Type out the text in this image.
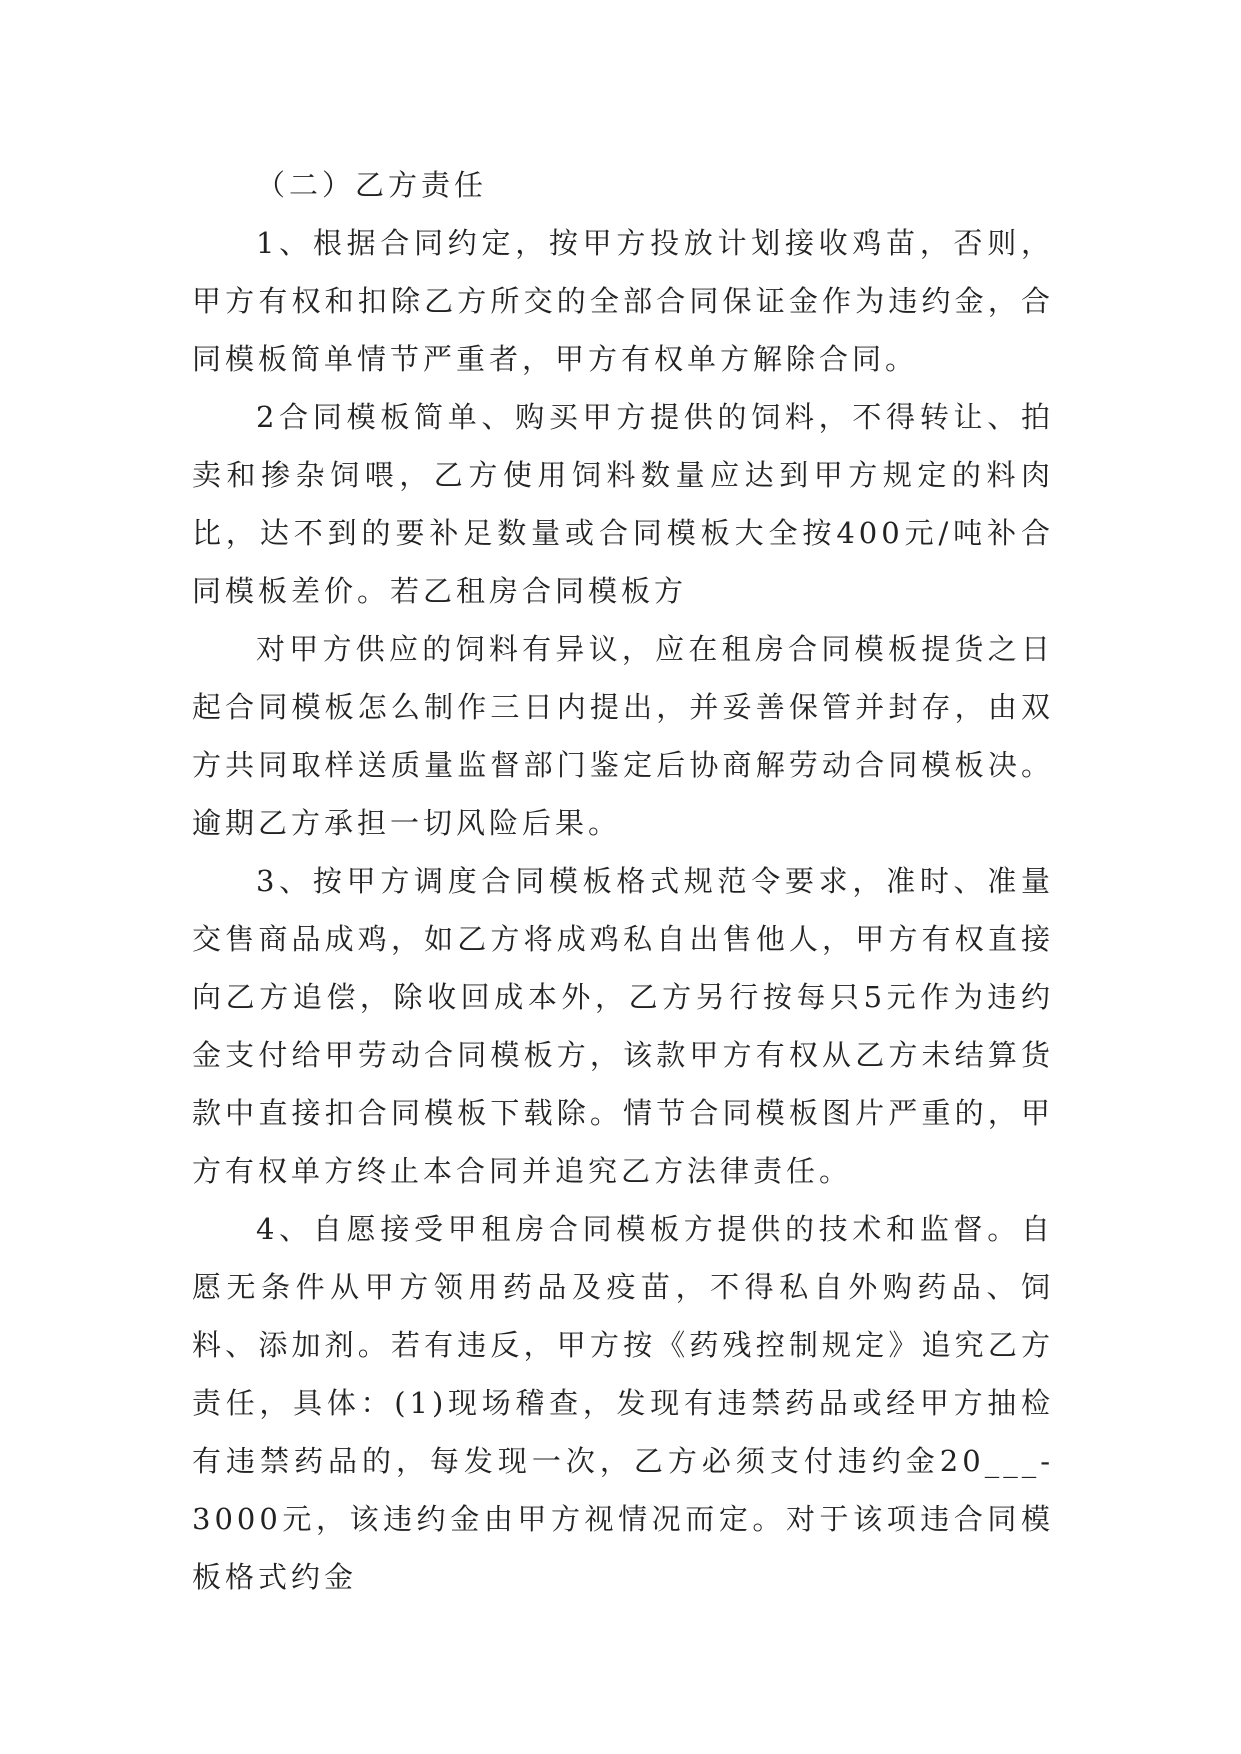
（二）乙方责任

1、根据合同约定，按甲方投放计划接收鸡苗，否则，甲方有权和扣除乙方所交的全部合同保证金作为违约金，合同模板简单情节严重者，甲方有权单方解除合同。

2合同模板简单、购买甲方提供的饲料，不得转让、拍卖和掺杂饲喂，乙方使用饲料数量应达到甲方规定的料肉比，达不到的要补足数量或合同模板大全按400元/吨补合同模板差价。若乙租房合同模板方

对甲方供应的饲料有异议，应在租房合同模板提货之日起合同模板怎么制作三日内提出，并妥善保管并封存，由双方共同取样送质量监督部门鉴定后协商解劳动合同模板决。逾期乙方承担一切风险后果。

3、按甲方调度合同模板格式规范令要求，准时、准量交售商品成鸡，如乙方将成鸡私自出售他人，甲方有权直接向乙方追偿，除收回成本外，乙方另行按每只5元作为违约金支付给甲劳动合同模板方，该款甲方有权从乙方未结算货款中直接扣合同模板下载除。情节合同模板图片严重的，甲方有权单方终止本合同并追究乙方法律责任。

4、自愿接受甲租房合同模板方提供的技术和监督。自愿无条件从甲方领用药品及疫苗，不得私自外购药品、饲料、添加剂。若有违反，甲方按《药残控制规定》追究乙方责任，具体：(1)现场稽查，发现有违禁药品或经甲方抽检有违禁药品的，每发现一次，乙方必须支付违约金20___-3000元，该违约金由甲方视情况而定。对于该项违合同模板格式约金
